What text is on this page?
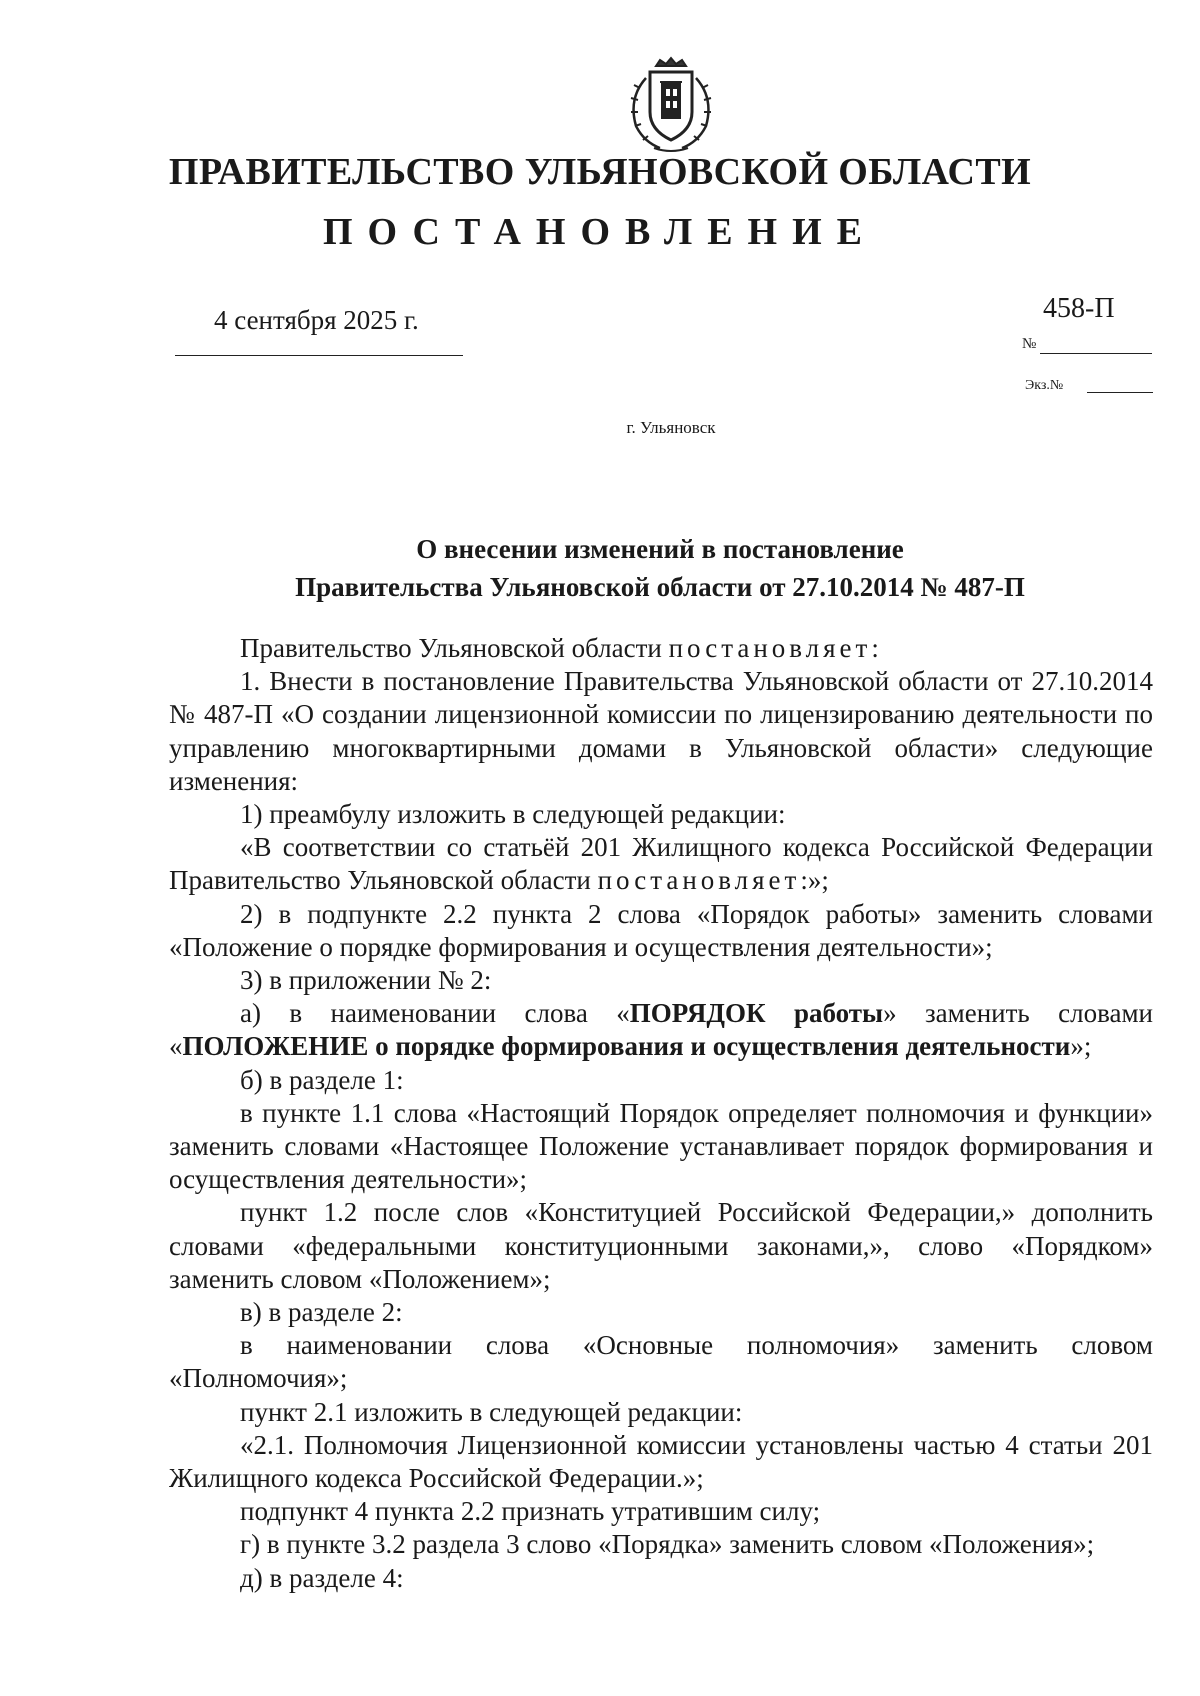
ПРАВИТЕЛЬСТВО УЛЬЯНОВСКОЙ ОБЛАСТИ
ПОСТАНОВЛЕНИЕ
4 сентября 2025 г.	458-П
№
Экз.№
г. Ульяновск
О внесении изменений в постановление
Правительства Ульяновской области от 27.10.2014 № 487-П

Правительство Ульяновской области постановляет:

1. Внести в постановление Правительства Ульяновской области от 27.10.2014 № 487-П «О создании лицензионной комиссии по лицензированию деятельности по управлению многоквартирными домами в Ульяновской области» следующие изменения:

1) преамбулу изложить в следующей редакции:

«В соответствии со статьёй 201 Жилищного кодекса Российской Федерации Правительство Ульяновской области постановляет:»;

2) в подпункте 2.2 пункта 2 слова «Порядок работы» заменить словами «Положение о порядке формирования и осуществления деятельности»;

3) в приложении № 2:

а) в наименовании слова «ПОРЯДОК работы» заменить словами «ПОЛОЖЕНИЕ о порядке формирования и осуществления деятельности»;

б) в разделе 1:

в пункте 1.1 слова «Настоящий Порядок определяет полномочия и функции» заменить словами «Настоящее Положение устанавливает порядок формирования и осуществления деятельности»;

пункт 1.2 после слов «Конституцией Российской Федерации,» дополнить словами «федеральными конституционными законами,», слово «Порядком» заменить словом «Положением»;

в) в разделе 2:

в наименовании слова «Основные полномочия» заменить словом «Полномочия»;

пункт 2.1 изложить в следующей редакции:

«2.1. Полномочия Лицензионной комиссии установлены частью 4 статьи 201 Жилищного кодекса Российской Федерации.»;

подпункт 4 пункта 2.2 признать утратившим силу;

г) в пункте 3.2 раздела 3 слово «Порядка» заменить словом «Положения»;

д) в разделе 4:
